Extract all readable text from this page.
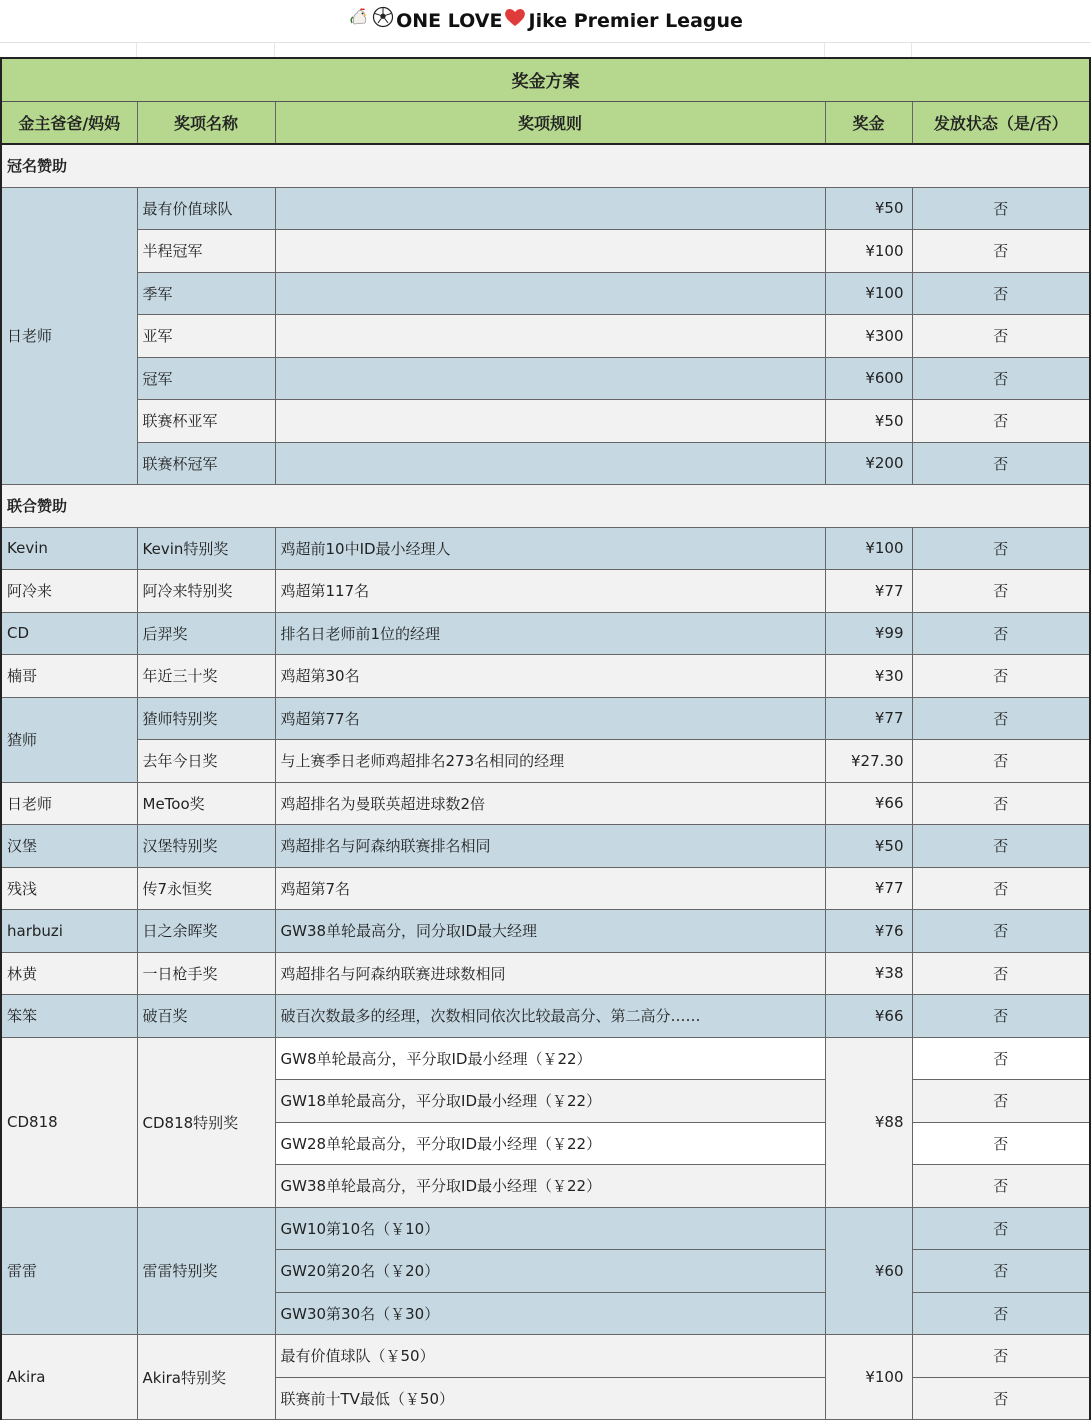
ONE LOVE Jike Premier League
奖金方案				
金主爸爸/妈妈	奖项名称	奖项规则	奖金	发放状态（是/否）
冠名赞助				
日老师	最有价值球队		¥50	否
	半程冠军		¥100	否
	季军		¥100	否
	亚军		¥300	否
	冠军		¥600	否
	联赛杯亚军		¥50	否
	联赛杯冠军		¥200	否
联合赞助				
Kevin	Kevin特别奖	鸡超前10中ID最小经理人	¥100	否
阿冷来	阿冷来特别奖	鸡超第117名	¥77	否
CD	后羿奖	排名日老师前1位的经理	¥99	否
楠哥	年近三十奖	鸡超第30名	¥30	否
猹师	猹师特别奖	鸡超第77名	¥77	否
	去年今日奖	与上赛季日老师鸡超排名273名相同的经理	¥27.30	否
日老师	MeToo奖	鸡超排名为曼联英超进球数2倍	¥66	否
汉堡	汉堡特别奖	鸡超排名与阿森纳联赛排名相同	¥50	否
残浅	传7永恒奖	鸡超第7名	¥77	否
harbuzi	日之余晖奖	GW38单轮最高分，同分取ID最大经理	¥76	否
林黄	一日枪手奖	鸡超排名与阿森纳联赛进球数相同	¥38	否
笨笨	破百奖	破百次数最多的经理，次数相同依次比较最高分、第二高分……	¥66	否
CD818	CD818特别奖	GW8单轮最高分，平分取ID最小经理（￥22）	¥88	否
		GW18单轮最高分，平分取ID最小经理（￥22）		否
		GW28单轮最高分，平分取ID最小经理（￥22）		否
		GW38单轮最高分，平分取ID最小经理（￥22）		否
雷雷	雷雷特别奖	GW10第10名（￥10）	¥60	否
		GW20第20名（￥20）		否
		GW30第30名（￥30）		否
Akira	Akira特别奖	最有价值球队（￥50）	¥100	否
		联赛前十TV最低（￥50）		否
